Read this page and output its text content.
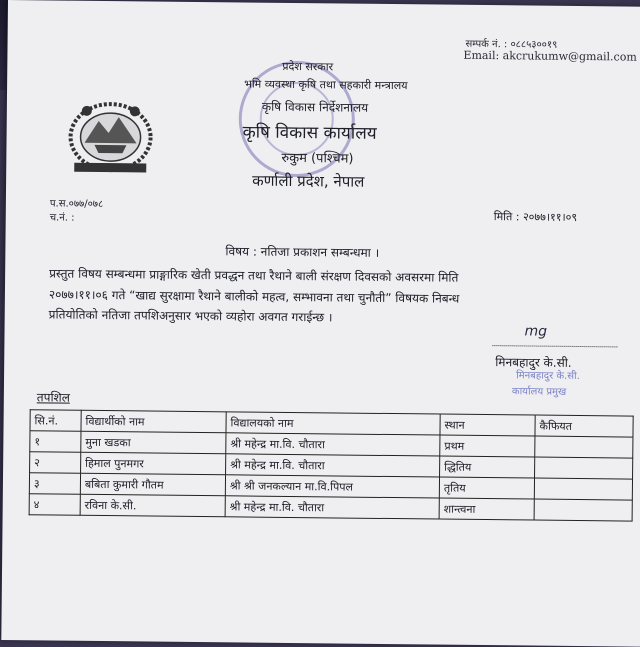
प्रदेश सरकार
भमि व्यवस्था कृषि तथा सहकारी मन्त्रालय
कृषि विकास निर्देशनालय
कृषि विकास कार्यालय
रुकुम (पश्चिम)
कर्णाली प्रदेश, नेपाल
सम्पर्क नं. : ०८८५३००१९
Email: akcrukumw@gmail.com
प.स.०७७/०७८
च.नं. :	मिति : २०७७।११।०९
विषय : नतिजा प्रकाशन सम्बन्धमा ।
प्रस्तुत विषय सम्बन्धमा प्राङ्गारिक खेती प्रवद्धन तथा रैथाने बाली संरक्षण दिवसको अवसरमा मिति
२०७७।११।०६ गते “खाद्य सुरक्षामा रैथाने बालीको महत्व, सम्भावना तथा चुनौती” विषयक निबन्ध
प्रतियोतिको नतिजा तपशिअनुसार भएको व्यहोरा अवगत गराईन्छ ।
mg
मिनबहादुर के.सी.
मिनबहादुर के.सी.
कार्यालय प्रमुख
तपशिल
सि.नं.	विद्यार्थीको नाम	विद्यालयको नाम	स्थान	कैफियत
१	मुना खडका	श्री महेन्द्र मा.वि. चौतारा	प्रथम	
२	हिमाल पुनमगर	श्री महेन्द्र मा.वि. चौतारा	द्धितिय	
३	बबिता कुमारी गौतम	श्री श्री जनकल्यान मा.वि.पिपल	तृतिय	
४	रविना के.सी.	श्री महेन्द्र मा.वि. चौतारा	शान्त्वना	
